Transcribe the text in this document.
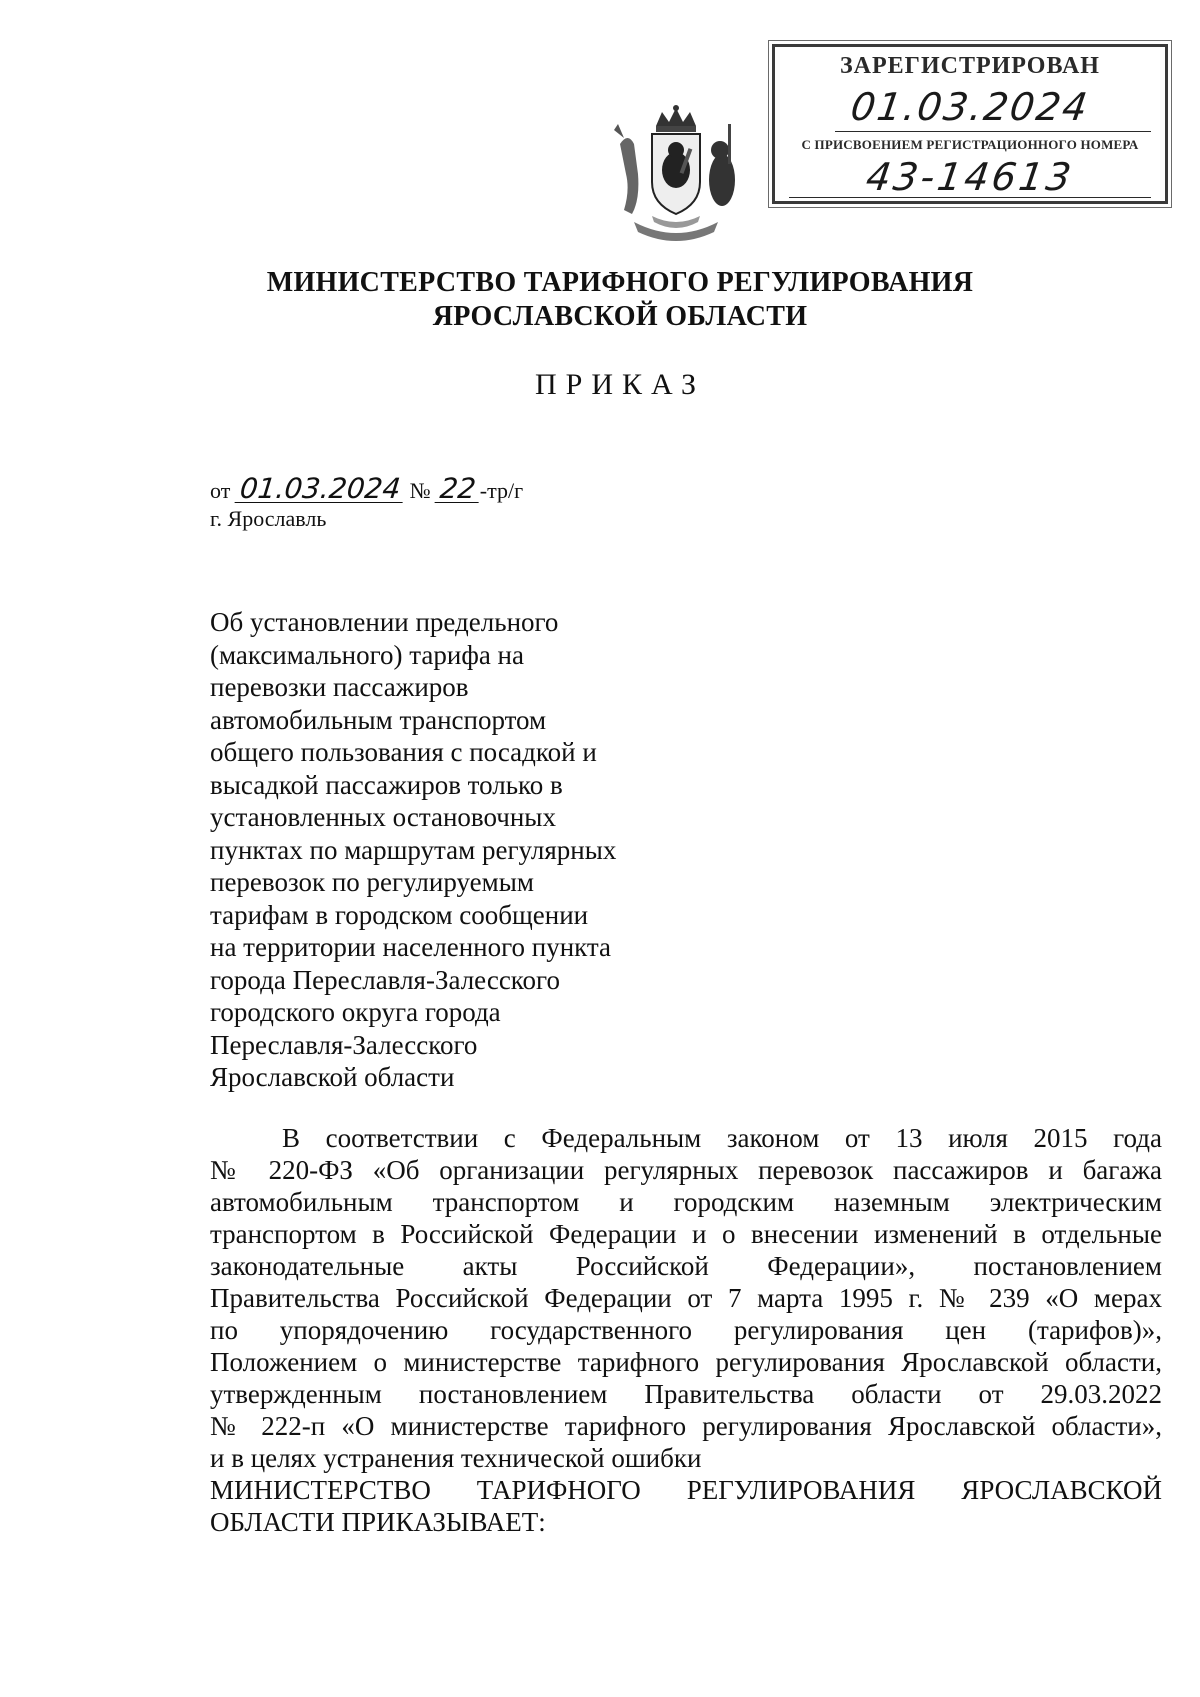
ЗАРЕГИСТРИРОВАН
01.03.2024
С ПРИСВОЕНИЕМ РЕГИСТРАЦИОННОГО НОМЕРА
43-14613
МИНИСТЕРСТВО ТАРИФНОГО РЕГУЛИРОВАНИЯ
ЯРОСЛАВСКОЙ ОБЛАСТИ
ПРИКАЗ
от 01.03.2024 № 22-тр/г
г. Ярославль
Об установлении предельного
(максимального) тарифа на
перевозки пассажиров
автомобильным транспортом
общего пользования с посадкой и
высадкой пассажиров только в
установленных остановочных
пунктах по маршрутам регулярных
перевозок по регулируемым
тарифам в городском сообщении
на территории населенного пункта
города Переславля-Залесского
городского округа города
Переславля-Залесского
Ярославской области
В соответствии с Федеральным законом от 13 июля 2015 года
№ 220-ФЗ «Об организации регулярных перевозок пассажиров и багажа
автомобильным транспортом и городским наземным электрическим
транспортом в Российской Федерации и о внесении изменений в отдельные
законодательные акты Российской Федерации», постановлением
Правительства Российской Федерации от 7 марта 1995 г. № 239 «О мерах
по упорядочению государственного регулирования цен (тарифов)»,
Положением о министерстве тарифного регулирования Ярославской области,
утвержденным постановлением Правительства области от 29.03.2022
№ 222-п «О министерстве тарифного регулирования Ярославской области»,
и в целях устранения технической ошибки
МИНИСТЕРСТВО ТАРИФНОГО РЕГУЛИРОВАНИЯ ЯРОСЛАВСКОЙ
ОБЛАСТИ ПРИКАЗЫВАЕТ:
